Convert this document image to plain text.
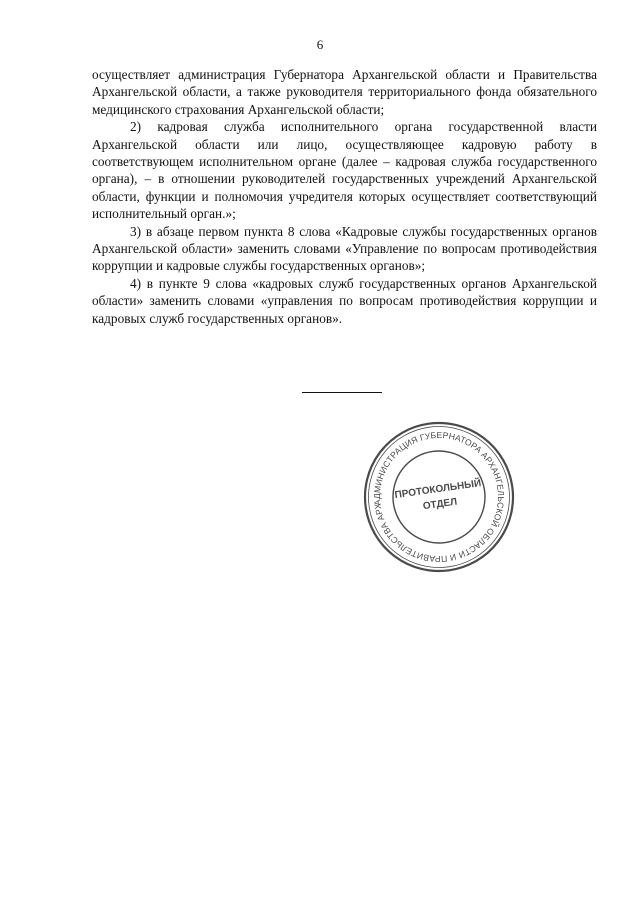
6

осуществляет администрация Губернатора Архангельской области и Правительства Архангельской области, а также руководителя территориального фонда обязательного медицинского страхования Архангельской области;

2) кадровая служба исполнительного органа государственной власти Архангельской области или лицо, осуществляющее кадровую работу в соответствующем исполнительном органе (далее – кадровая служба государственного органа), – в отношении руководителей государственных учреждений Архангельской области, функции и полномочия учредителя которых осуществляет соответствующий исполнительный орган.»;

3) в абзаце первом пункта 8 слова «Кадровые службы государственных органов Архангельской области» заменить словами «Управление по вопросам противодействия коррупции и кадровые службы государственных органов»;

4) в пункте 9 слова «кадровых служб государственных органов Архангельской области» заменить словами «управления по вопросам противодействия коррупции и кадровых служб государственных органов».

АДМИНИСТРАЦИЯ ГУБЕРНАТОРА АРХАНГЕЛЬСКОЙ ОБЛАСТИ И ПРАВИТЕЛЬСТВА АРХАНГЕЛЬСКОЙ
ПРОТОКОЛЬНЫЙ
ОТДЕЛ
